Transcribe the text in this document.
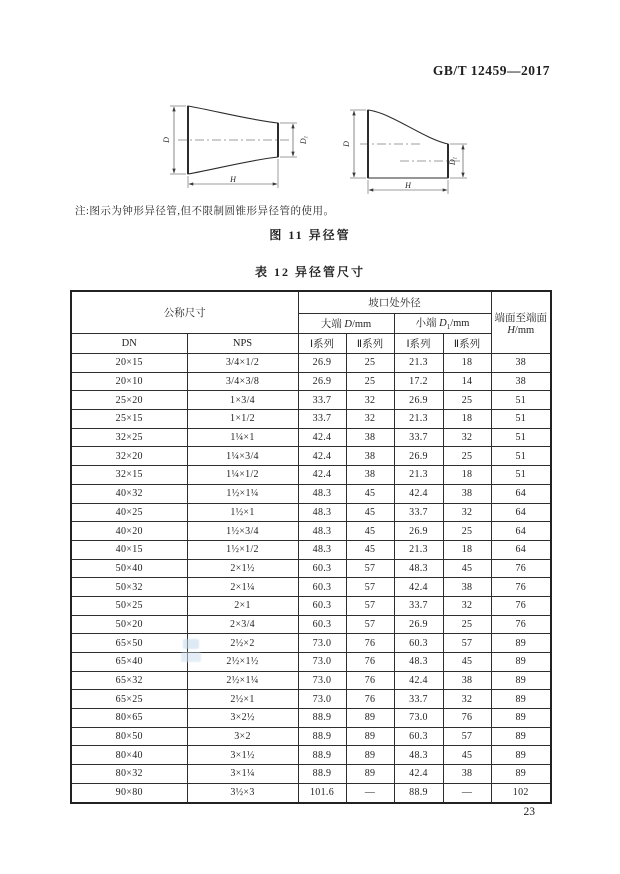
GB/T 12459—2017
D	D1
H
D
D1
H
注:图示为钟形异径管,但不限制圆锥形异径管的使用。
图 11 异径管
表 12 异径管尺寸
公称尺寸		坡口处外径				端面至端面
H/mm
		大端 D/mm		小端 $D_1/mm$		
DN	NPS	Ⅰ系列	Ⅱ系列	Ⅰ系列	Ⅱ系列	
20×15	3/4×1/2	26.9	25	21.3	18	38
20×10	3/4×3/8	26.9	25	17.2	14	38
25×20	1×3/4	33.7	32	26.9	25	51
25×15	1×1/2	33.7	32	21.3	18	51
32×25	1¼×1	42.4	38	33.7	32	51
32×20	1¼×3/4	42.4	38	26.9	25	51
32×15	1¼×1/2	42.4	38	21.3	18	51
40×32	1½×1¼	48.3	45	42.4	38	64
40×25	1½×1	48.3	45	33.7	32	64
40×20	1½×3/4	48.3	45	26.9	25	64
40×15	1½×1/2	48.3	45	21.3	18	64
50×40	2×1½	60.3	57	48.3	45	76
50×32	2×1¼	60.3	57	42.4	38	76
50×25	2×1	60.3	57	33.7	32	76
50×20	2×3/4	60.3	57	26.9	25	76
65×50	2½×2	73.0	76	60.3	57	89
65×40	2½×1½	73.0	76	48.3	45	89
65×32	2½×1¼	73.0	76	42.4	38	89
65×25	2½×1	73.0	76	33.7	32	89
80×65	3×2½	88.9	89	73.0	76	89
80×50	3×2	88.9	89	60.3	57	89
80×40	3×1½	88.9	89	48.3	45	89
80×32	3×1¼	88.9	89	42.4	38	89
90×80	3½×3	101.6	—	88.9	—	102
23
